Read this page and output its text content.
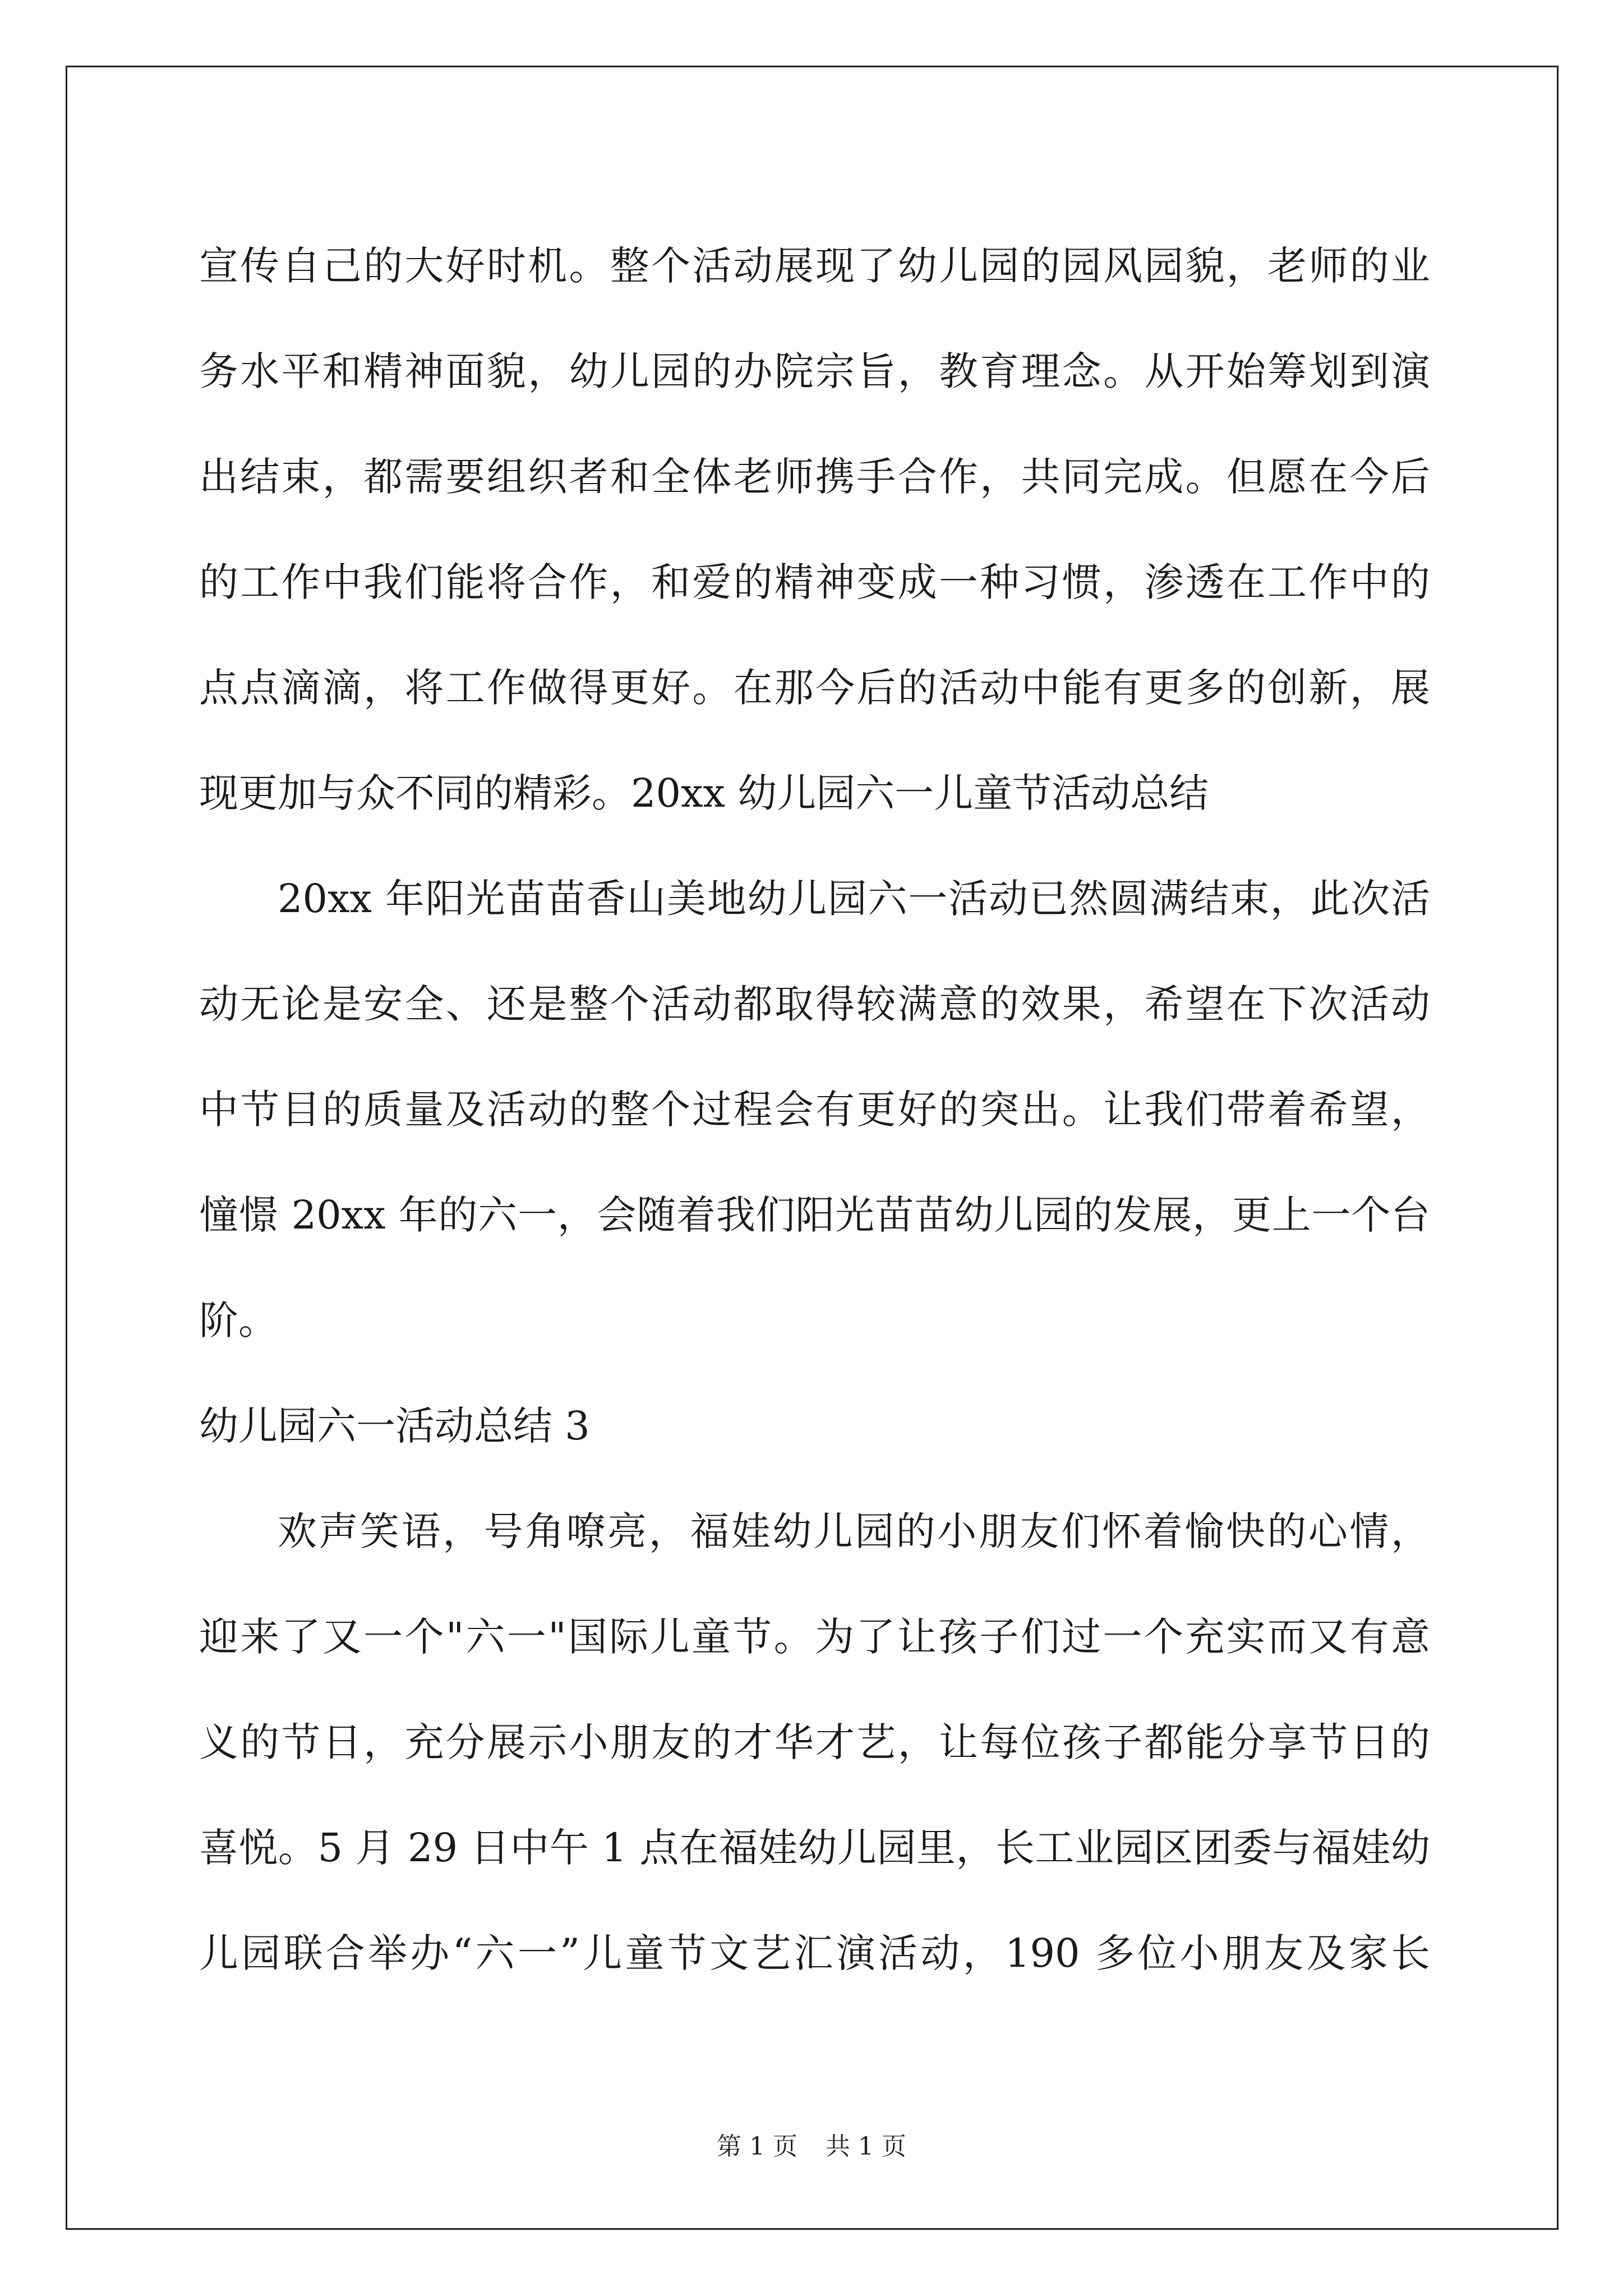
宣传自己的大好时机。整个活动展现了幼儿园的园风园貌，老师的业
务水平和精神面貌，幼儿园的办院宗旨，教育理念。从开始筹划到演
出结束，都需要组织者和全体老师携手合作，共同完成。但愿在今后
的工作中我们能将合作，和爱的精神变成一种习惯，渗透在工作中的
点点滴滴，将工作做得更好。在那今后的活动中能有更多的创新，展
现更加与众不同的精彩。20xx 幼儿园六一儿童节活动总结
20xx 年阳光苗苗香山美地幼儿园六一活动已然圆满结束，此次活
动无论是安全、还是整个活动都取得较满意的效果，希望在下次活动
中节目的质量及活动的整个过程会有更好的突出。让我们带着希望，
憧憬 20xx 年的六一，会随着我们阳光苗苗幼儿园的发展，更上一个台
阶。
幼儿园六一活动总结 3
欢声笑语，号角嘹亮，福娃幼儿园的小朋友们怀着愉快的心情，
迎来了又一个"六一"国际儿童节。为了让孩子们过一个充实而又有意
义的节日，充分展示小朋友的才华才艺，让每位孩子都能分享节日的
喜悦。5 月 29 日中午 1 点在福娃幼儿园里，长工业园区团委与福娃幼
儿园联合举办“六一”儿童节文艺汇演活动，190 多位小朋友及家长
第 1 页 共 1 页
